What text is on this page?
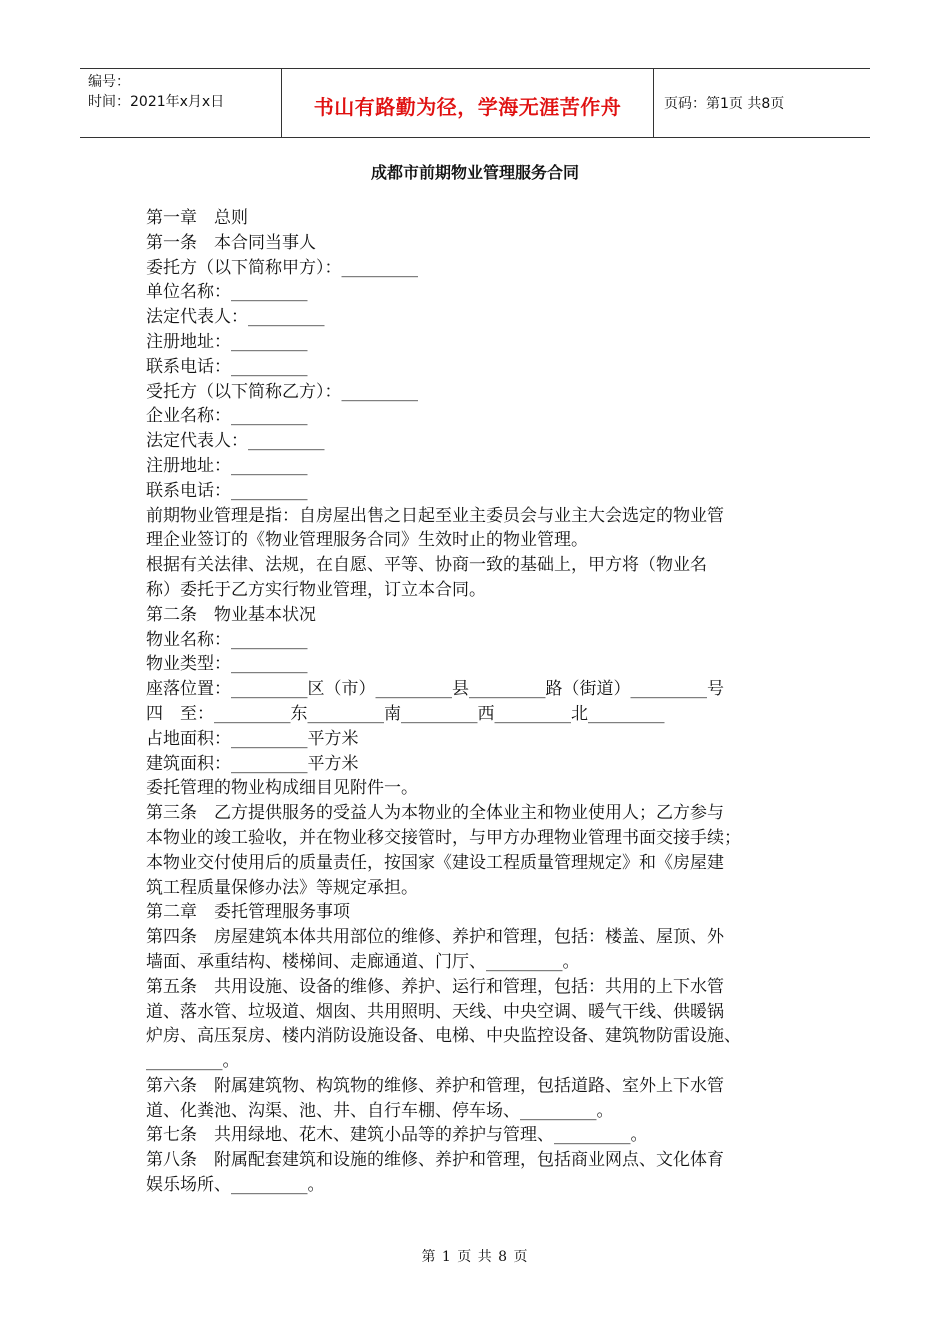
编号：
时间：2021年x月x日	书山有路勤为径，学海无涯苦作舟	页码：第1页 共8页
成都市前期物业管理服务合同
第一章　总则
第一条　本合同当事人
委托方（以下简称甲方）：_________
单位名称：_________
法定代表人：_________
注册地址：_________
联系电话：_________
受托方（以下简称乙方）：_________
企业名称：_________
法定代表人：_________
注册地址：_________
联系电话：_________
前期物业管理是指：自房屋出售之日起至业主委员会与业主大会选定的物业管
理企业签订的《物业管理服务合同》生效时止的物业管理。
根据有关法律、法规，在自愿、平等、协商一致的基础上，甲方将（物业名
称）委托于乙方实行物业管理，订立本合同。
第二条　物业基本状况
物业名称：_________
物业类型：_________
座落位置：_________区（市）_________县_________路（街道）_________号
四　至：_________东_________南_________西_________北_________
占地面积：_________平方米
建筑面积：_________平方米
委托管理的物业构成细目见附件一。
第三条　乙方提供服务的受益人为本物业的全体业主和物业使用人；乙方参与
本物业的竣工验收，并在物业移交接管时，与甲方办理物业管理书面交接手续；
本物业交付使用后的质量责任，按国家《建设工程质量管理规定》和《房屋建
筑工程质量保修办法》等规定承担。
第二章　委托管理服务事项
第四条　房屋建筑本体共用部位的维修、养护和管理，包括：楼盖、屋顶、外
墙面、承重结构、楼梯间、走廊通道、门厅、_________。
第五条　共用设施、设备的维修、养护、运行和管理，包括：共用的上下水管
道、落水管、垃圾道、烟囱、共用照明、天线、中央空调、暖气干线、供暖锅
炉房、高压泵房、楼内消防设施设备、电梯、中央监控设备、建筑物防雷设施、
_________。
第六条　附属建筑物、构筑物的维修、养护和管理，包括道路、室外上下水管
道、化粪池、沟渠、池、井、自行车棚、停车场、_________。
第七条　共用绿地、花木、建筑小品等的养护与管理、_________。
第八条　附属配套建筑和设施的维修、养护和管理，包括商业网点、文化体育
娱乐场所、_________。
第 1 页 共 8 页
